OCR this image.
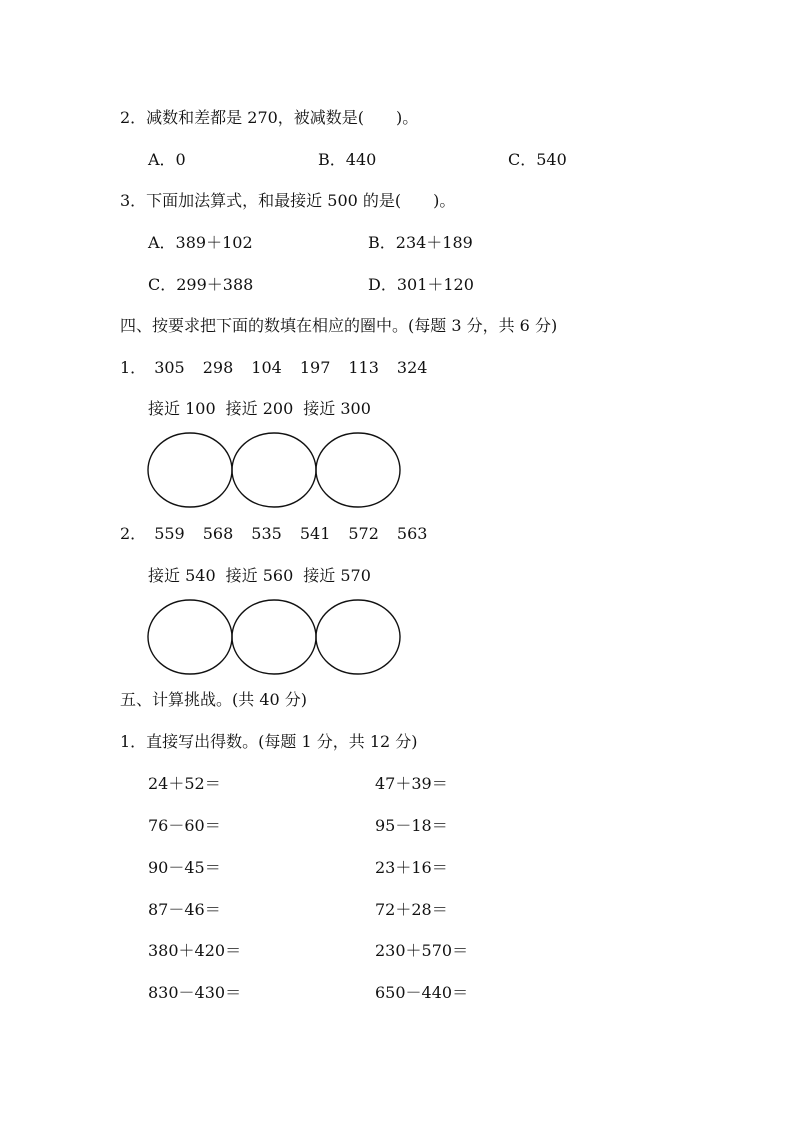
2．减数和差都是 270，被减数是(　　)。
A．0	B．440	C．540
3．下面加法算式，和最接近 500 的是(　　)。
A．389＋102	B．234＋189
C．299＋388	D．301＋120
四、按要求把下面的数填在相应的圈中。(每题 3 分，共 6 分)
1． 305 298 104 197 113 324
接近 100 接近 200 接近 300
2． 559 568 535 541 572 563
接近 540 接近 560 接近 570
五、计算挑战。(共 40 分)
1．直接写出得数。(每题 1 分，共 12 分)
24＋52＝	47＋39＝
76－60＝	95－18＝
90－45＝	23＋16＝
87－46＝	72＋28＝
380＋420＝	230＋570＝
830－430＝	650－440＝
